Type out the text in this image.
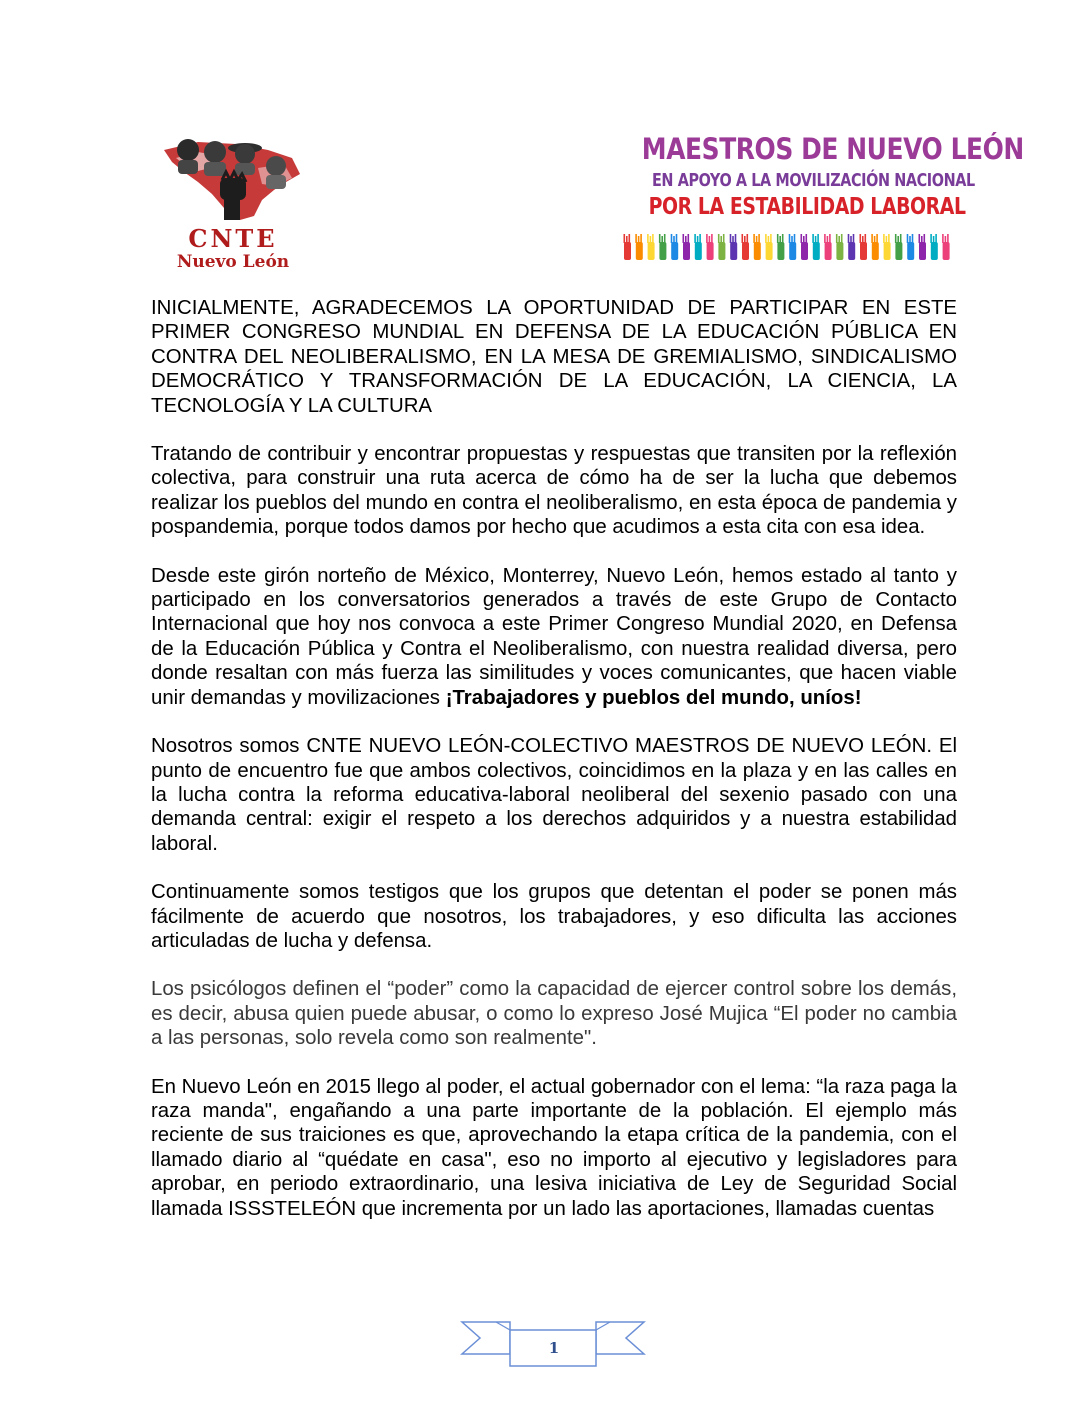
CNTE
Nuevo León
MAESTROS DE NUEVO LEÓN
EN APOYO A LA MOVILIZACIÓN NACIONAL
POR LA ESTABILIDAD LABORAL

INICIALMENTE, AGRADECEMOS LA OPORTUNIDAD DE PARTICIPAR EN ESTE PRIMER CONGRESO MUNDIAL EN DEFENSA DE LA EDUCACIÓN PÚBLICA EN CONTRA DEL NEOLIBERALISMO, EN LA MESA DE GREMIALISMO, SINDICALISMO DEMOCRÁTICO Y TRANSFORMACIÓN DE LA EDUCACIÓN, LA CIENCIA, LA TECNOLOGÍA Y LA CULTURA

Tratando de contribuir y encontrar propuestas y respuestas que transiten por la reflexión colectiva, para construir una ruta acerca de cómo ha de ser la lucha que debemos realizar los pueblos del mundo en contra el neoliberalismo, en esta época de pandemia y pospandemia, porque todos damos por hecho que acudimos a esta cita con esa idea.

Desde este girón norteño de México, Monterrey, Nuevo León, hemos estado al tanto y participado en los conversatorios generados a través de este Grupo de Contacto Internacional que hoy nos convoca a este Primer Congreso Mundial 2020, en Defensa de la Educación Pública y Contra el Neoliberalismo, con nuestra realidad diversa, pero donde resaltan con más fuerza las similitudes y voces comunicantes, que hacen viable unir demandas y movilizaciones ¡Trabajadores y pueblos del mundo, uníos!

Nosotros somos CNTE NUEVO LEÓN-COLECTIVO MAESTROS DE NUEVO LEÓN. El punto de encuentro fue que ambos colectivos, coincidimos en la plaza y en las calles en la lucha contra la reforma educativa-laboral neoliberal del sexenio pasado con una demanda central: exigir el respeto a los derechos adquiridos y a nuestra estabilidad laboral.

Continuamente somos testigos que los grupos que detentan el poder se ponen más fácilmente de acuerdo que nosotros, los trabajadores, y eso dificulta las acciones articuladas de lucha y defensa.

Los psicólogos definen el “poder” como la capacidad de ejercer control sobre los demás, es decir, abusa quien puede abusar, o como lo expreso José Mujica “El poder no cambia a las personas, solo revela como son realmente".

En Nuevo León en 2015 llego al poder, el actual gobernador con el lema: “la raza paga la raza manda", engañando a una parte importante de la población. El ejemplo más reciente de sus traiciones es que, aprovechando la etapa crítica de la pandemia, con el llamado diario al “quédate en casa", eso no importo al ejecutivo y legisladores para aprobar, en periodo extraordinario, una lesiva iniciativa de Ley de Seguridad Social llamada ISSSTELEÓN que incrementa por un lado las aportaciones, llamadas cuentas

1
